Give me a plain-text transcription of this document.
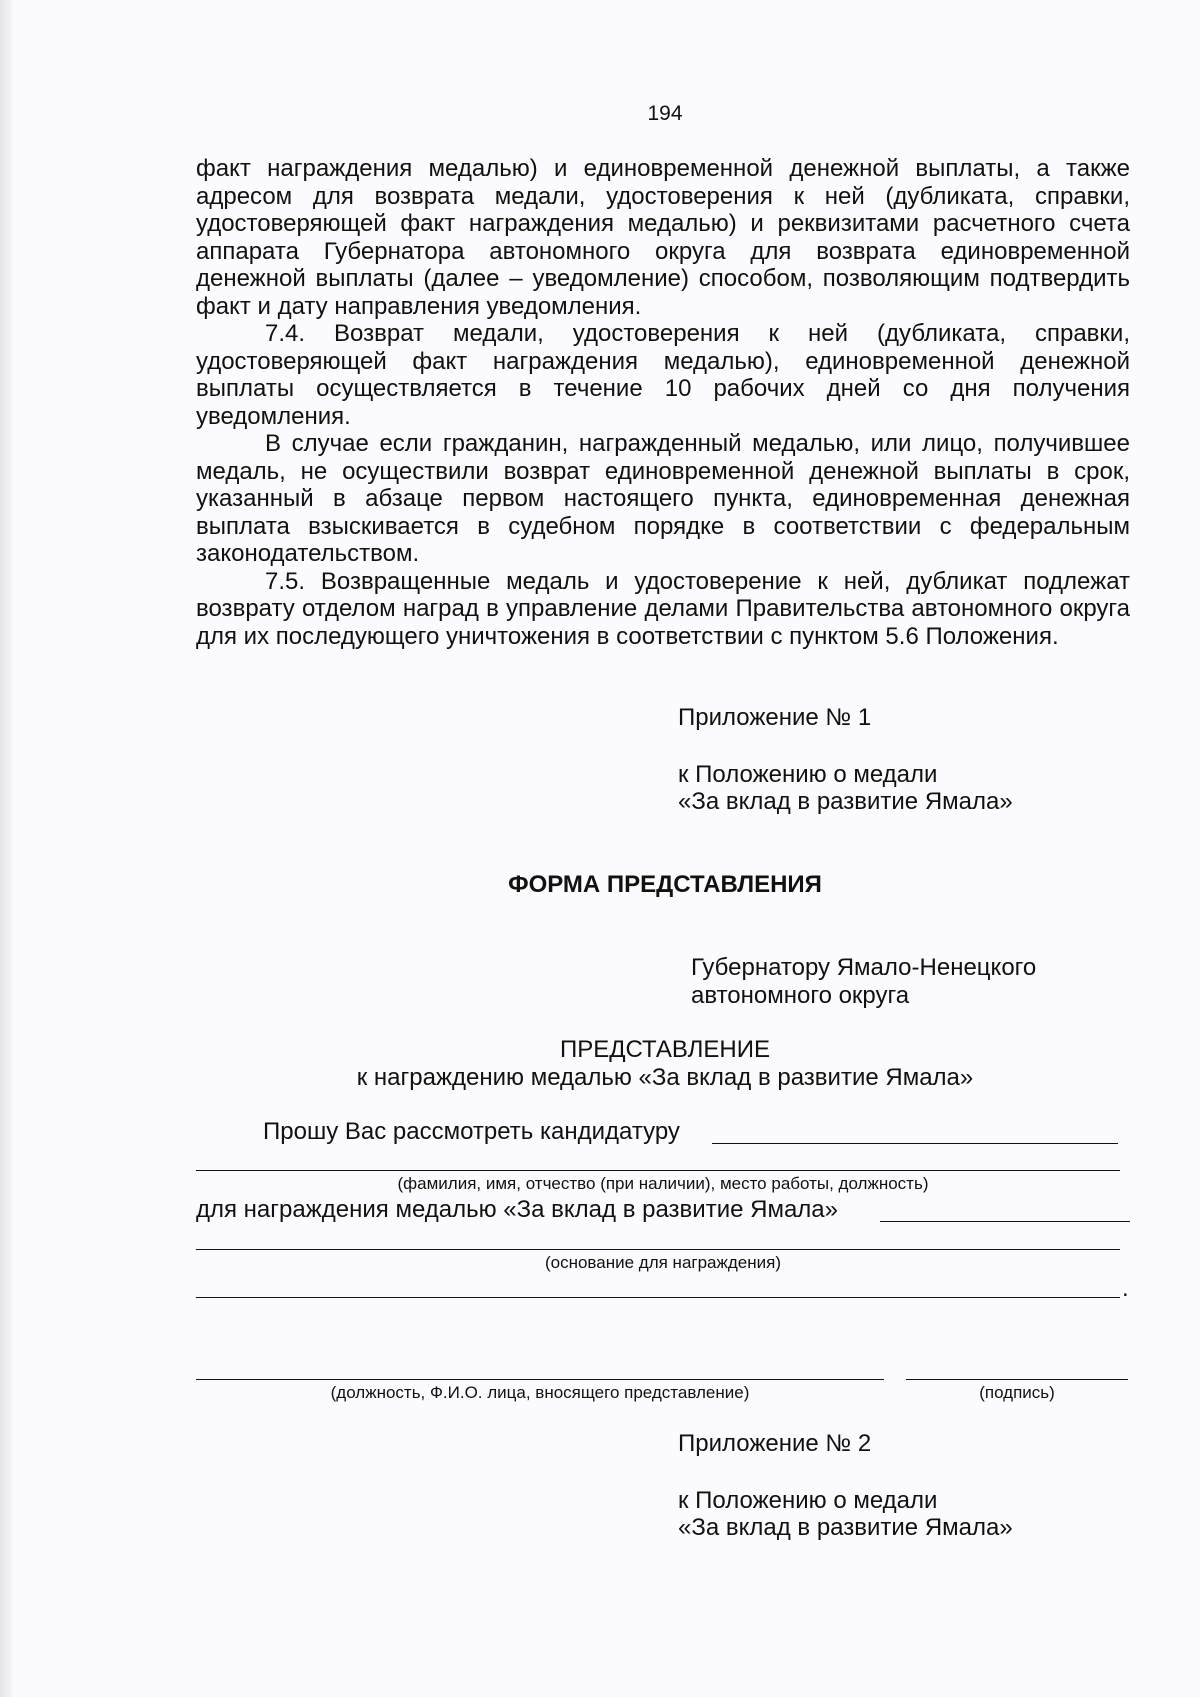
194

факт награждения медалью) и единовременной денежной выплаты, а также адресом для возврата медали, удостоверения к ней (дубликата, справки, удостоверяющей факт награждения медалью) и реквизитами расчетного счета аппарата Губернатора автономного округа для возврата единовременной денежной выплаты (далее – уведомление) способом, позволяющим подтвердить факт и дату направления уведомления.

7.4. Возврат медали, удостоверения к ней (дубликата, справки, удостоверяющей факт награждения медалью), единовременной денежной выплаты осуществляется в течение 10 рабочих дней со дня получения уведомления.

В случае если гражданин, награжденный медалью, или лицо, получившее медаль, не осуществили возврат единовременной денежной выплаты в срок, указанный в абзаце первом настоящего пункта, единовременная денежная выплата взыскивается в судебном порядке в соответствии с федеральным законодательством.

7.5. Возвращенные медаль и удостоверение к ней, дубликат подлежат возврату отделом наград в управление делами Правительства автономного округа для их последующего уничтожения в соответствии с пунктом 5.6 Положения.

Приложение № 1
к Положению о медали
«За вклад в развитие Ямала»
ФОРМА ПРЕДСТАВЛЕНИЯ
Губернатору Ямало-Ненецкого
автономного округа
ПРЕДСТАВЛЕНИЕ
к награждению медалью «За вклад в развитие Ямала»
Прошу Вас рассмотреть кандидатуру
(фамилия, имя, отчество (при наличии), место работы, должность)
для награждения медалью «За вклад в развитие Ямала»
(основание для награждения)
.
(должность, Ф.И.О. лица, вносящего представление)	(подпись)
Приложение № 2
к Положению о медали
«За вклад в развитие Ямала»
